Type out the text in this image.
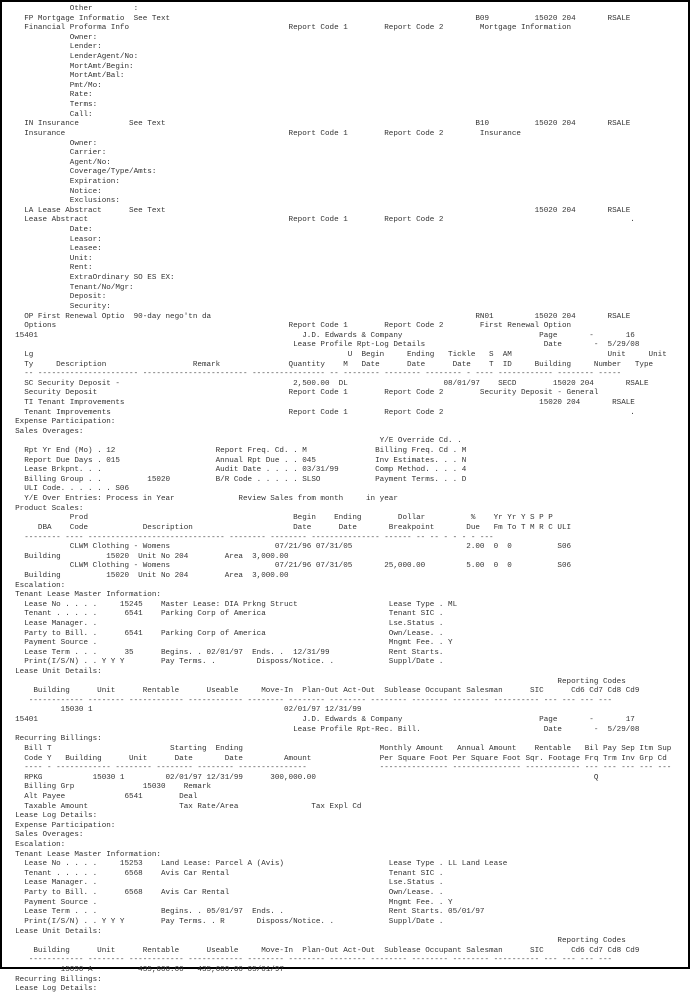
Other         :
FP Mortgage Informatio  See Text                                                                   B09          15020 204       RSALE
Financial Proforma Info                                   Report Code 1        Report Code 2        Mortgage Information
Owner:
Lender:
LenderAgent/No:
MortAmt/Begin:
MortAmt/Bal:
Pmt/Mo:
Rate:
Terms:
Call:
IN Insurance           See Text                                                                    B10          15020 204       RSALE
Insurance                                                 Report Code 1        Report Code 2        Insurance
Owner:
Carrier:
Agent/No:
Coverage/Type/Amts:
Expiration:
Notice:
Exclusions:
LA Lease Abstract      See Text                                                                                 15020 204       RSALE
Lease Abstract                                            Report Code 1        Report Code 2                                         .
Date:
Leasor:
Leasee:
Unit:
Rent:
ExtraOrdinary SO ES EX:
Tenant/No/Mgr:
Deposit:
Security:
OP First Renewal Optio  90-day nego'tn da                                                          RN01         15020 204       RSALE
Options                                                   Report Code 1        Report Code 2        First Renewal Option
15401                                                          J.D. Edwards & Company                              Page       -       16
Lease Profile Rpt-Log Details                          Date       -  5/29/08
Lg                                                                     U  Begin     Ending   Tickle   S  AM                     Unit     Unit
Ty     Description                   Remark               Quantity    M   Date      Date      Date    T  ID     Building     Number   Type
-- ---------------------- ----------------------- ---------------- -- -------- -------- -------- - ---- ------------ -------- -----
SC Security Deposit -                                      2,500.00  DL                     08/01/97    SECD        15020 204       RSALE
Security Deposit                                          Report Code 1        Report Code 2        Security Deposit - General
TI Tenant Improvements                                                                                           15020 204       RSALE
Tenant Improvements                                       Report Code 1        Report Code 2                                         .
Expense Participation:
Sales Overages:
Y/E Override Cd. .
Rpt Yr End (Mo) . 12                      Report Freq. Cd. . M               Billing Freq. Cd . M
Report Due Days . 015                     Annual Rpt Due . . 045             Inv Estimates. . . N
Lease Brkpnt. . .                         Audit Date . . . . 03/31/99        Comp Method. . . . 4
Billing Group . .          15020          B/R Code . . . . . SLSO            Payment Terms. . . D
ULI Code. . . . . . S06
Y/E Over Entries: Process in Year              Review Sales from month     in year
Product Scales:
Prod                                             Begin    Ending        Dollar          %    Yr Yr Y S P P
DBA    Code            Description                      Date      Date       Breakpoint       Due   Fm To T M R C ULI
-------- ---- ------------------------------ -------- -------- --------------- ------ -- -- - - - - ---
CLWM Clothing - Womens                       07/21/96 07/31/05                         2.00  0  0          S06
Building          15020  Unit No 204        Area  3,000.00
CLWM Clothing - Womens                       07/21/96 07/31/05       25,000.00         5.00  0  0          S06
Building          15020  Unit No 204        Area  3,000.00
Escalation:
Tenant Lease Master Information:
Lease No . . . .     15245    Master Lease: DIA Prkng Struct                    Lease Type . ML
Tenant . . . . .      6541    Parking Corp of America                           Tenant SIC .
Lease Manager. .                                                                Lse.Status .
Party to Bill. .      6541    Parking Corp of America                           Own/Lease. .
Payment Source .                                                                Mngmt Fee. . Y
Lease Term . . .      35      Begins. . 02/01/97  Ends. .  12/31/99             Rent Starts.
Print(I/S/N) . . Y Y Y        Pay Terms. .         Disposs/Notice. .            Suppl/Date .
Lease Unit Details:
Reporting Codes
Building      Unit      Rentable      Useable     Move-In  Plan-Out Act-Out  Sublease Occupant Salesman      SIC      Cd6 Cd7 Cd8 Cd9
------------ -------- ------------ ------------ -------- -------- -------- -------- -------- -------- ---------- --- --- --- ---
15030 1                                          02/01/97 12/31/99
15401                                                          J.D. Edwards & Company                              Page       -       17
Lease Profile Rpt-Rec. Bill.                           Date       -  5/29/08
Recurring Billings:
Bill T                          Starting  Ending                              Monthly Amount   Annual Amount    Rentable   Bil Pay Sep Itm Sup
Code Y   Building      Unit      Date       Date         Amount               Per Square Foot Per Square Foot Sqr. Footage Frq Trm Inv Grp Cd
---- - ------------ -------- -------- -------- ---------------                --------------- --------------- ------------ --- --- --- --- ---
RPKG           15030 1         02/01/97 12/31/99      300,000.00                                                             Q
Billing Grp               15030    Remark
Alt Payee             6541        Deal
Taxable Amount                    Tax Rate/Area                Tax Expl Cd
Lease Log Details:
Expense Participation:
Sales Overages:
Escalation:
Tenant Lease Master Information:
Lease No . . . .     15253    Land Lease: Parcel A (Avis)                       Lease Type . LL Land Lease
Tenant . . . . .      6568    Avis Car Rental                                   Tenant SIC .
Lease Manager. .                                                                Lse.Status .
Party to Bill. .      6568    Avis Car Rental                                   Own/Lease. .
Payment Source .                                                                Mngmt Fee. . Y
Lease Term . . .              Begins. . 05/01/97  Ends. .                       Rent Starts. 05/01/97
Print(I/S/N) . . Y Y Y        Pay Terms. . R       Disposs/Notice. .            Suppl/Date .
Lease Unit Details:
Reporting Codes
Building      Unit      Rentable      Useable     Move-In  Plan-Out Act-Out  Sublease Occupant Salesman      SIC      Cd6 Cd7 Cd8 Cd9
------------ -------- ------------ ------------ -------- -------- -------- -------- -------- -------- ---------- --- --- --- ---
15090 A          435,600.00   435,600.00 05/01/97
Recurring Billings:
Lease Log Details:
